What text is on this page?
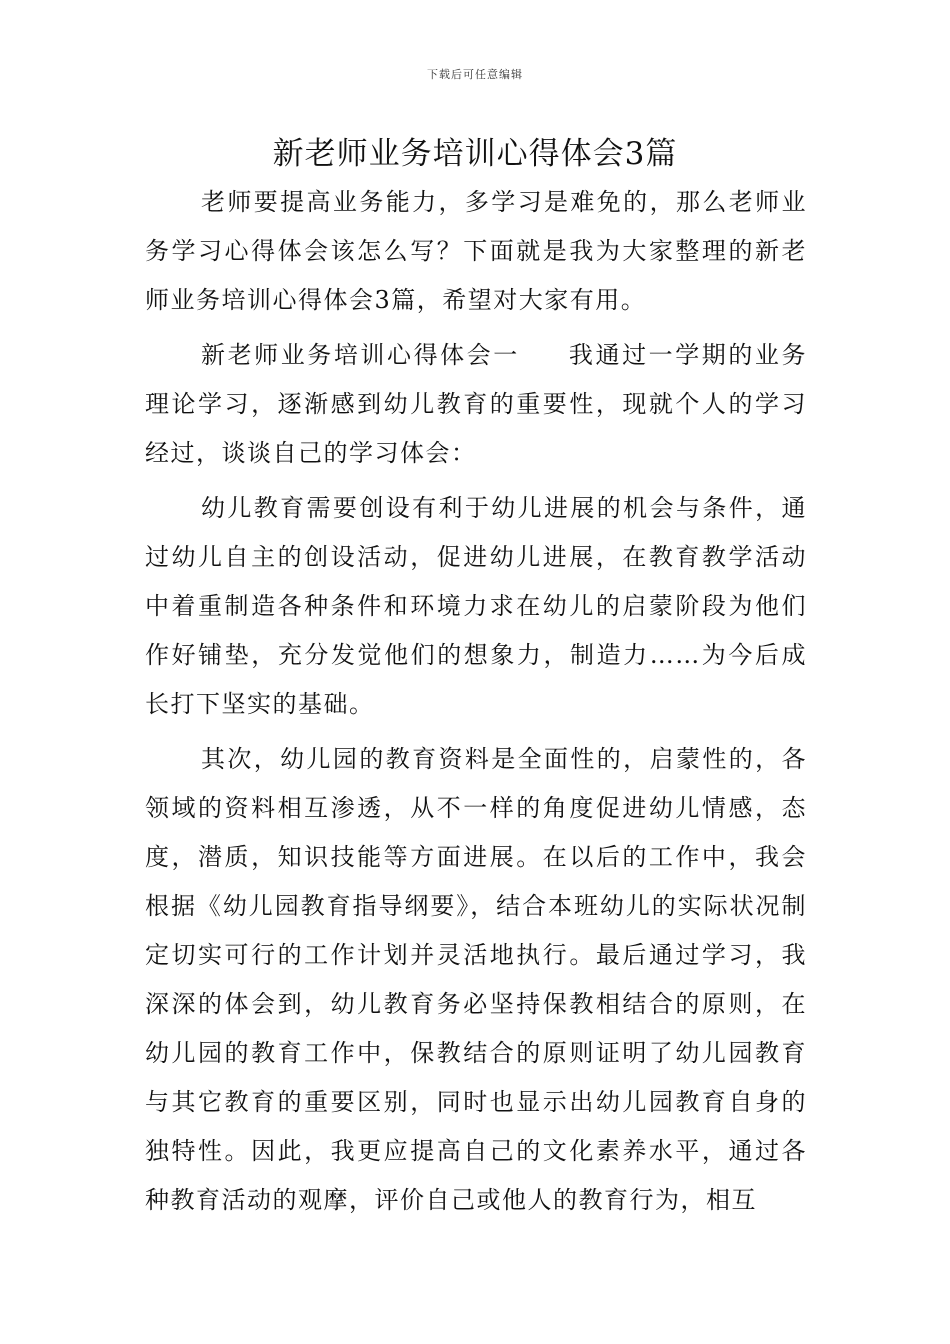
下载后可任意编辑
新老师业务培训心得体会3篇

老师要提高业务能力，多学习是难免的，那么老师业务学习心得体会该怎么写？下面就是我为大家整理的新老师业务培训心得体会3篇，希望对大家有用。

新老师业务培训心得体会一 我通过一学期的业务理论学习，逐渐感到幼儿教育的重要性，现就个人的学习经过，谈谈自己的学习体会：

幼儿教育需要创设有利于幼儿进展的机会与条件，通过幼儿自主的创设活动，促进幼儿进展，在教育教学活动中着重制造各种条件和环境力求在幼儿的启蒙阶段为他们作好铺垫，充分发觉他们的想象力，制造力……为今后成长打下坚实的基础。

其次，幼儿园的教育资料是全面性的，启蒙性的，各领域的资料相互渗透，从不一样的角度促进幼儿情感，态度，潜质，知识技能等方面进展。在以后的工作中，我会根据《幼儿园教育指导纲要》，结合本班幼儿的实际状况制定切实可行的工作计划并灵活地执行。最后通过学习，我深深的体会到，幼儿教育务必坚持保教相结合的原则，在幼儿园的教育工作中，保教结合的原则证明了幼儿园教育与其它教育的重要区别，同时也显示出幼儿园教育自身的独特性。因此，我更应提高自己的文化素养水平，通过各种教育活动的观摩，评价自己或他人的教育行为，相互
